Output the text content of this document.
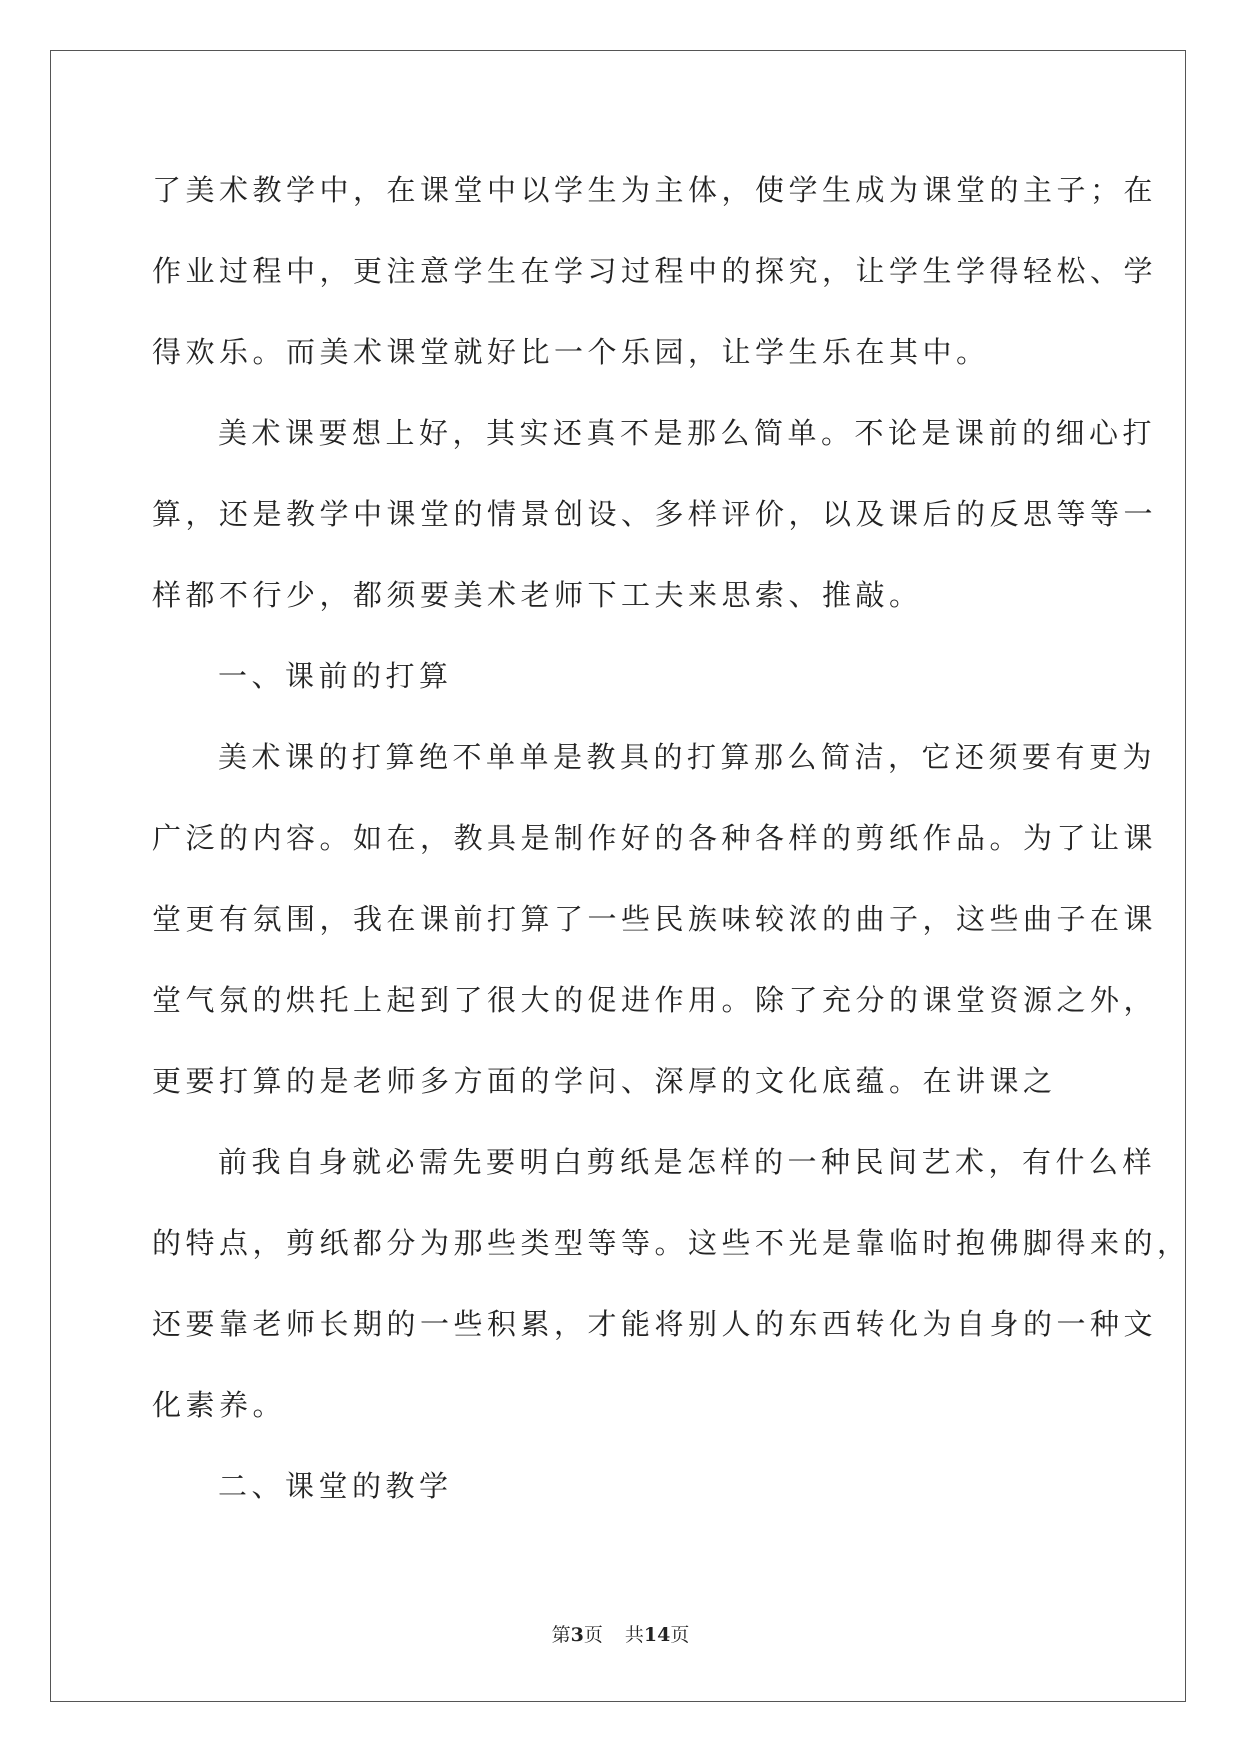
了美术教学中，在课堂中以学生为主体，使学生成为课堂的主子；在
作业过程中，更注意学生在学习过程中的探究，让学生学得轻松、学
得欢乐。而美术课堂就好比一个乐园，让学生乐在其中。
美术课要想上好，其实还真不是那么简单。不论是课前的细心打
算，还是教学中课堂的情景创设、多样评价，以及课后的反思等等一
样都不行少，都须要美术老师下工夫来思索、推敲。
一、课前的打算
美术课的打算绝不单单是教具的打算那么简洁，它还须要有更为
广泛的内容。如在，教具是制作好的各种各样的剪纸作品。为了让课
堂更有氛围，我在课前打算了一些民族味较浓的曲子，这些曲子在课
堂气氛的烘托上起到了很大的促进作用。除了充分的课堂资源之外，
更要打算的是老师多方面的学问、深厚的文化底蕴。在讲课之
前我自身就必需先要明白剪纸是怎样的一种民间艺术，有什么样
的特点，剪纸都分为那些类型等等。这些不光是靠临时抱佛脚得来的，
还要靠老师长期的一些积累，才能将别人的东西转化为自身的一种文
化素养。
二、课堂的教学
第3页 共14页
